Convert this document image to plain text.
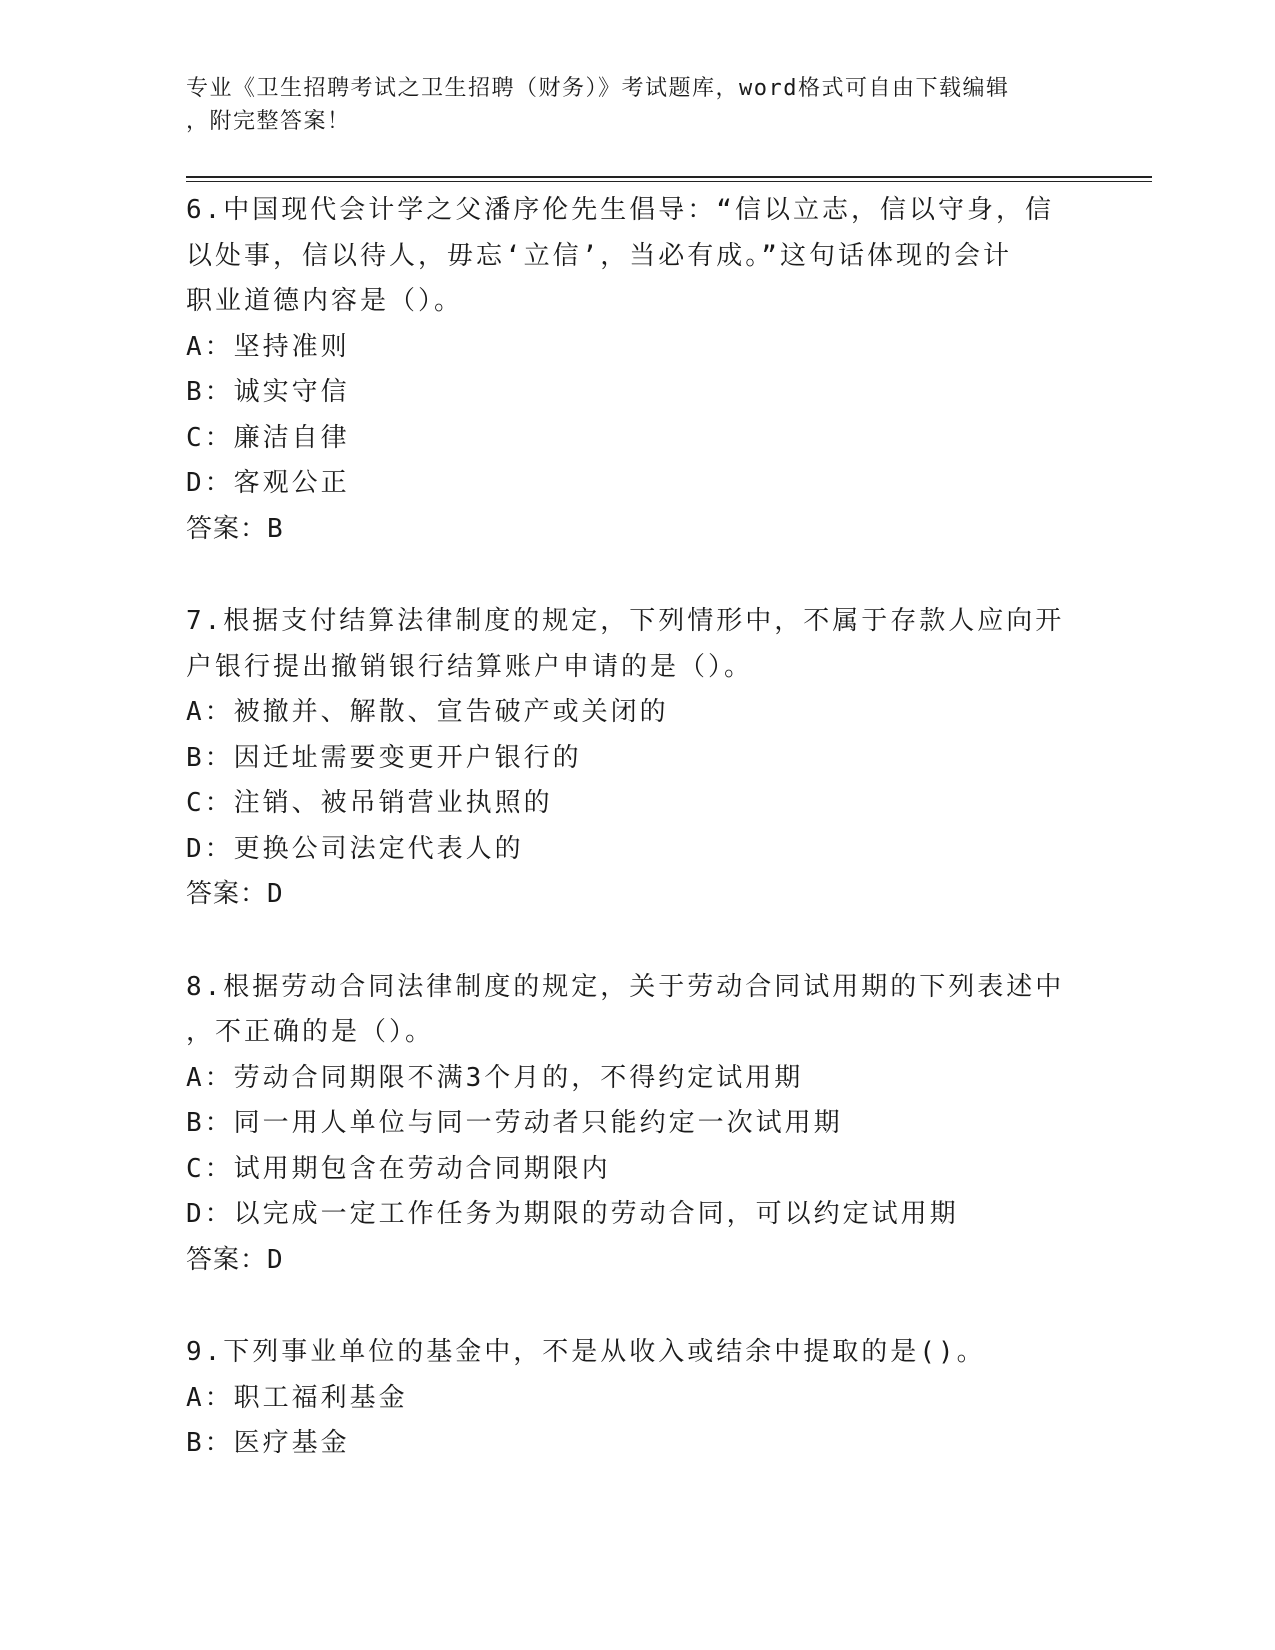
专业《卫生招聘考试之卫生招聘（财务）》考试题库，word格式可自由下载编辑
，附完整答案！
6.中国现代会计学之父潘序伦先生倡导：“信以立志，信以守身，信
以处事，信以待人，毋忘‘立信’，当必有成。”这句话体现的会计
职业道德内容是（）。
A：坚持准则
B：诚实守信
C：廉洁自律
D：客观公正
答案：B
7.根据支付结算法律制度的规定，下列情形中，不属于存款人应向开
户银行提出撤销银行结算账户申请的是（）。
A：被撤并、解散、宣告破产或关闭的
B：因迁址需要变更开户银行的
C：注销、被吊销营业执照的
D：更换公司法定代表人的
答案：D
8.根据劳动合同法律制度的规定，关于劳动合同试用期的下列表述中
，不正确的是（）。
A：劳动合同期限不满3个月的，不得约定试用期
B：同一用人单位与同一劳动者只能约定一次试用期
C：试用期包含在劳动合同期限内
D：以完成一定工作任务为期限的劳动合同，可以约定试用期
答案：D
9.下列事业单位的基金中，不是从收入或结余中提取的是()。
A：职工福利基金
B：医疗基金
